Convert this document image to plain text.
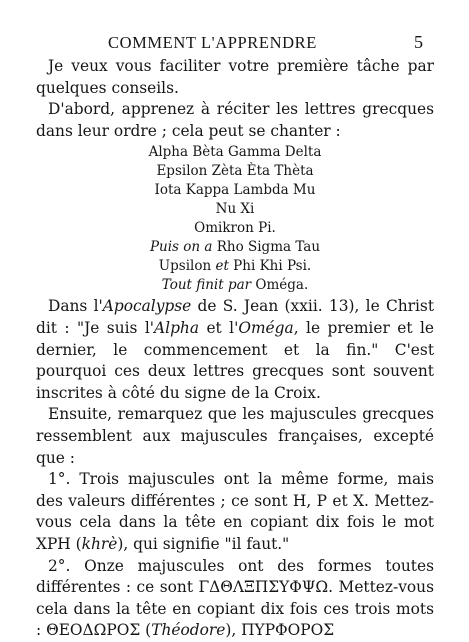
COMMENT L'APPRENDRE	5

Je veux vous faciliter votre première tâche par quelques conseils.

D'abord, apprenez à réciter les lettres grecques dans leur ordre ; cela peut se chanter :

Alpha Bèta Gamma Delta
Epsilon Zèta Èta Thèta
Iota Kappa Lambda Mu
Nu Xi
Omikron Pi.
Puis on a Rho Sigma Tau
Upsilon et Phi Khi Psi.
Tout finit par Oméga.

Dans l'Apocalypse de S. Jean (xxii. 13), le Christ dit : "Je suis l'Alpha et l'Oméga, le premier et le dernier, le commencement et la fin." C'est pourquoi ces deux lettres grecques sont souvent inscrites à côté du signe de la Croix.

Ensuite, remarquez que les majuscules grecques ressemblent aux majuscules françaises, excepté que :

1°. Trois majuscules ont la même forme, mais des valeurs différentes ; ce sont H, P et X. Mettez-vous cela dans la tête en copiant dix fois le mot XPH (khrè), qui signifie "il faut."

2°. Onze majuscules ont des formes toutes différentes : ce sont ΓΔΘΛΞΠΣΥΦΨΩ. Mettez-vous cela dans la tête en copiant dix fois ces trois mots : ΘΕΟΔΩΡΟΣ (Théodore), ΠΥΡΦΟΡΟΣ
